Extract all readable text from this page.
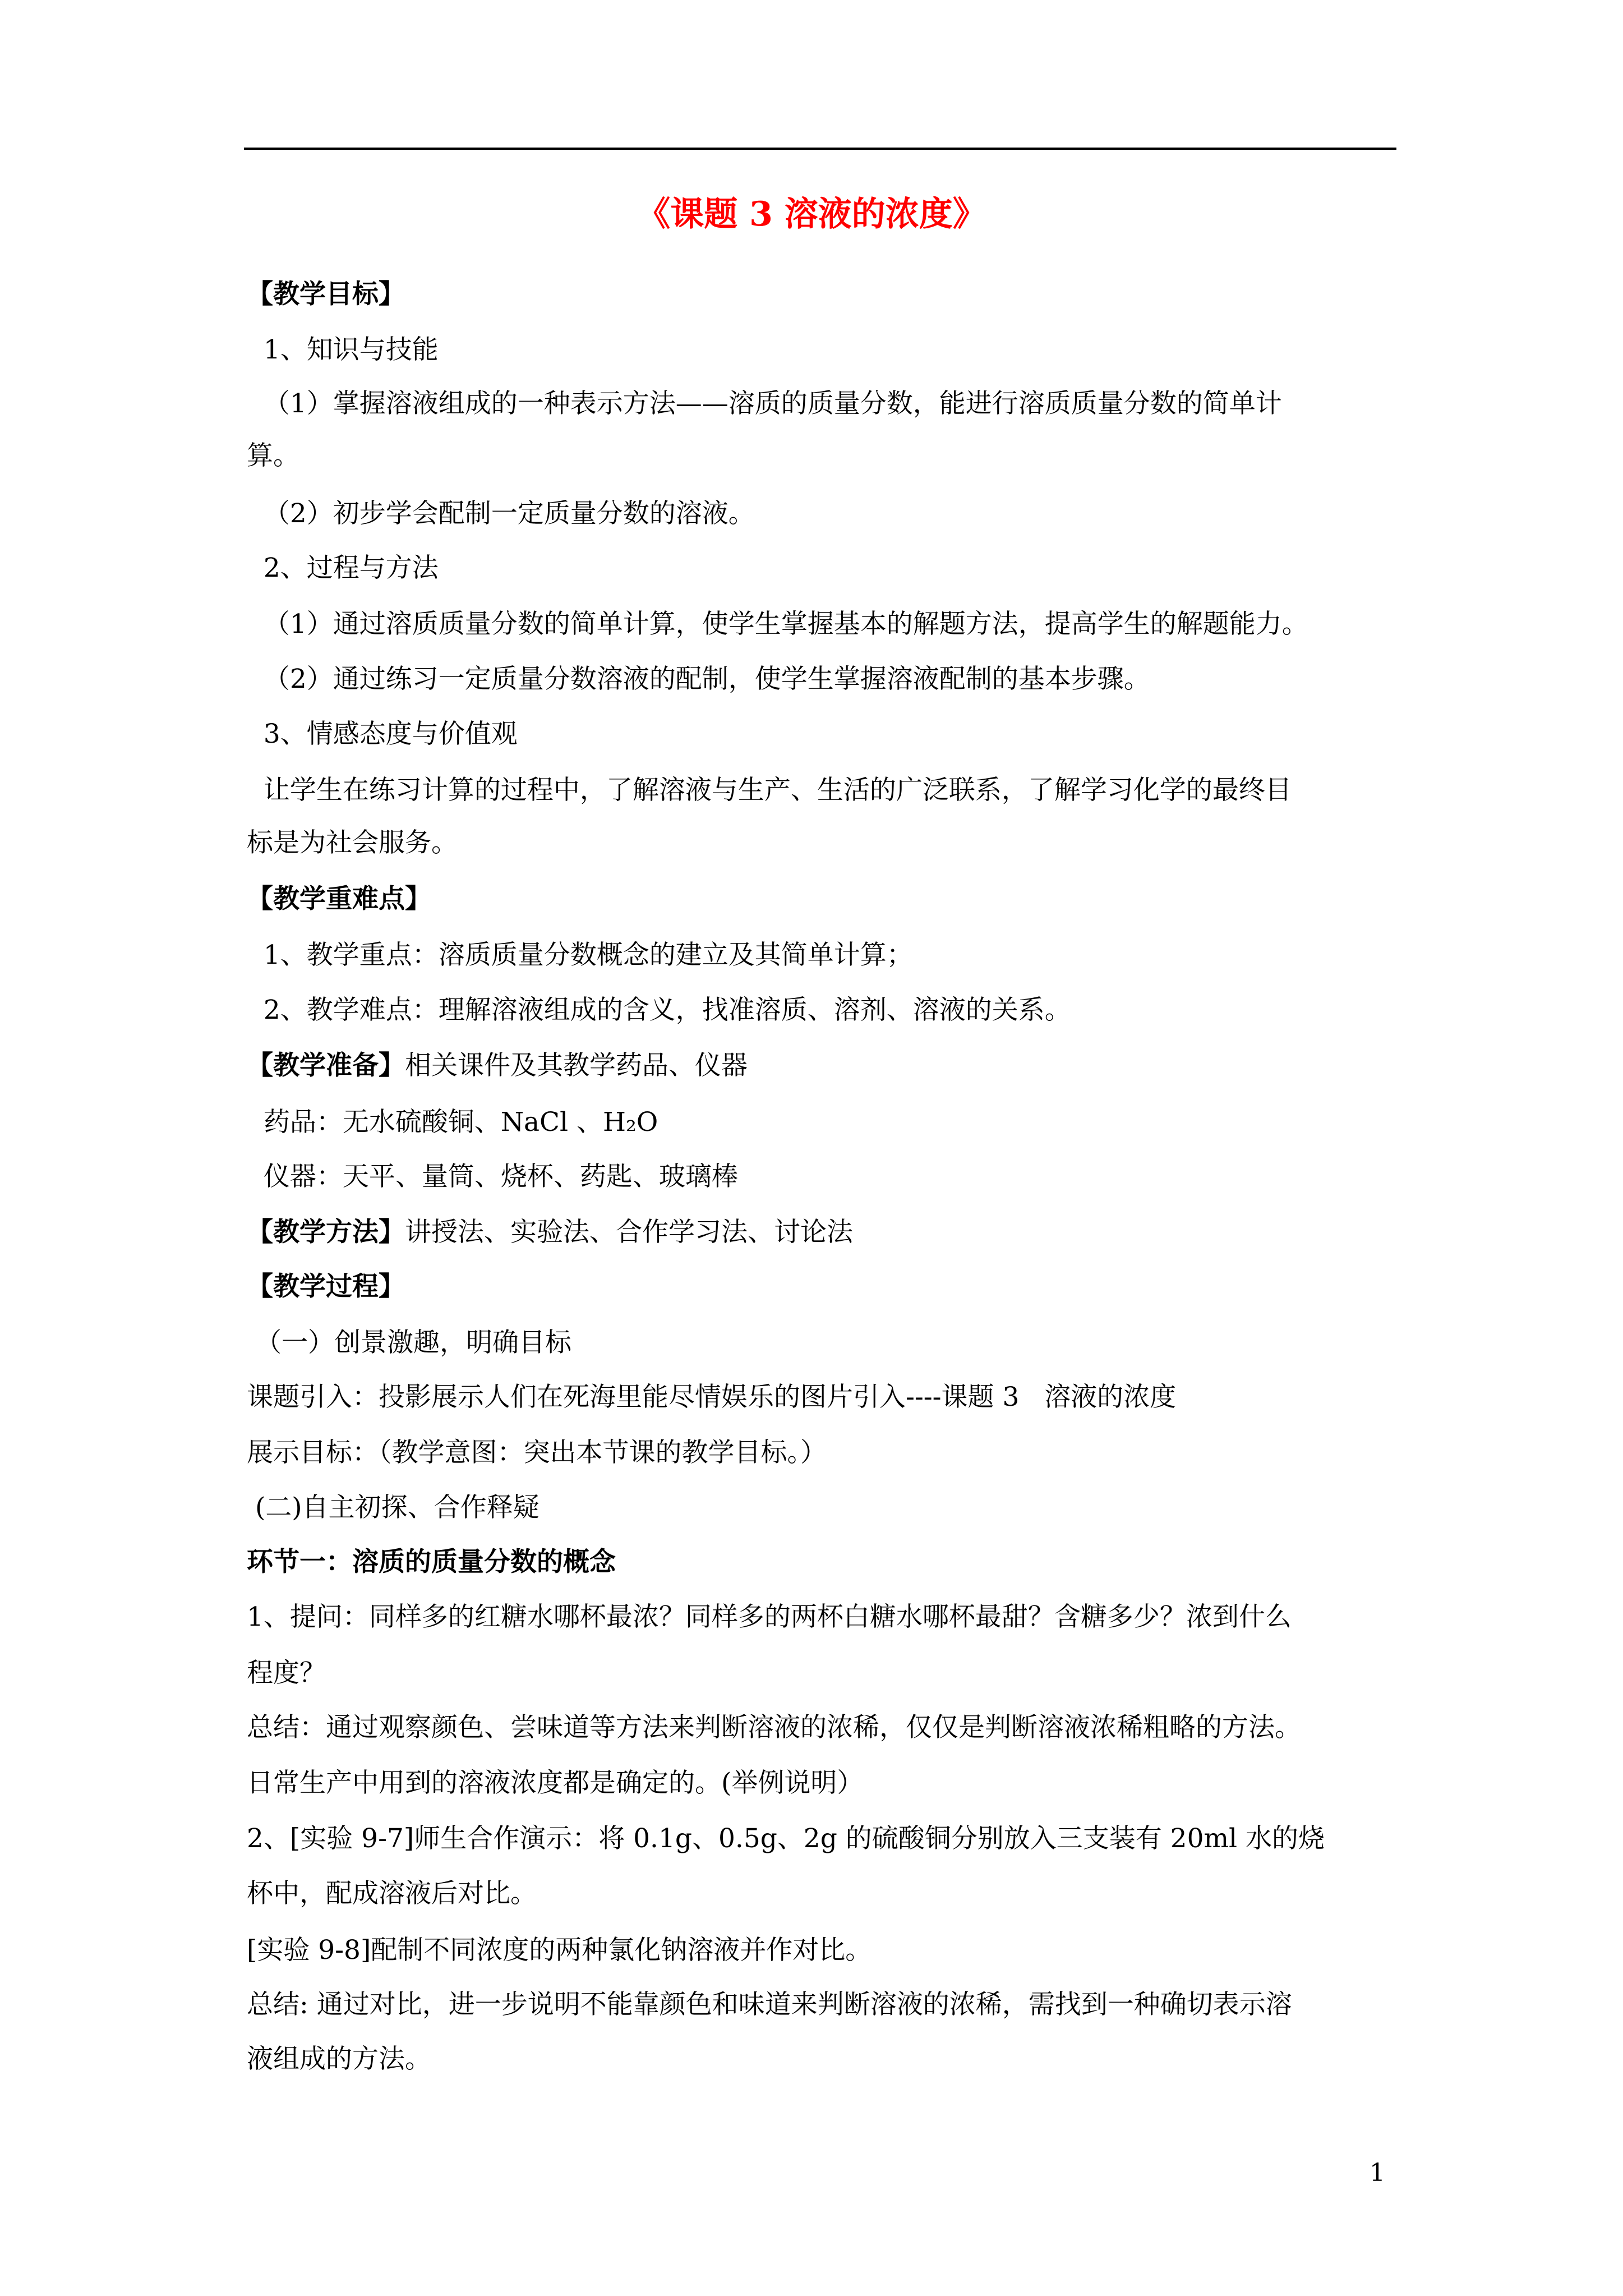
《课题 3 溶液的浓度》
【教学目标】
1、知识与技能
（1）掌握溶液组成的一种表示方法——溶质的质量分数，能进行溶质质量分数的简单计
算。
（2）初步学会配制一定质量分数的溶液。
2、过程与方法
（1）通过溶质质量分数的简单计算，使学生掌握基本的解题方法，提高学生的解题能力。
（2）通过练习一定质量分数溶液的配制，使学生掌握溶液配制的基本步骤。
3、情感态度与价值观
让学生在练习计算的过程中，了解溶液与生产、生活的广泛联系，了解学习化学的最终目
标是为社会服务。
【教学重难点】
1、教学重点：溶质质量分数概念的建立及其简单计算；
2、教学难点：理解溶液组成的含义，找准溶质、溶剂、溶液的关系。
【教学准备】相关课件及其教学药品、仪器
药品：无水硫酸铜、NaCl 、H₂O
仪器：天平、量筒、烧杯、药匙、玻璃棒
【教学方法】讲授法、实验法、合作学习法、讨论法
【教学过程】
（一）创景激趣，明确目标
课题引入：投影展示人们在死海里能尽情娱乐的图片引入----课题 3   溶液的浓度
展示目标：（教学意图：突出本节课的教学目标。）
(二)自主初探、合作释疑
环节一：溶质的质量分数的概念
1、提问：同样多的红糖水哪杯最浓？同样多的两杯白糖水哪杯最甜？含糖多少？浓到什么
程度？
总结：通过观察颜色、尝味道等方法来判断溶液的浓稀，仅仅是判断溶液浓稀粗略的方法。
日常生产中用到的溶液浓度都是确定的。(举例说明）
2、[实验 9-7]师生合作演示：将 0.1g、0.5g、2g 的硫酸铜分别放入三支装有 20ml 水的烧
杯中，配成溶液后对比。
[实验 9-8]配制不同浓度的两种氯化钠溶液并作对比。
总结: 通过对比，进一步说明不能靠颜色和味道来判断溶液的浓稀，需找到一种确切表示溶
液组成的方法。
1
